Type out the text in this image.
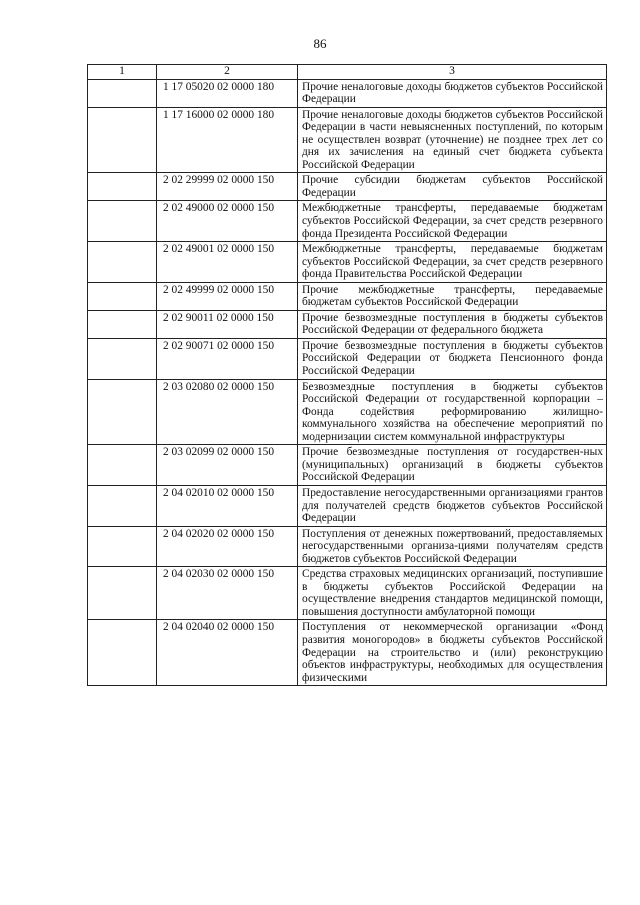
86
1	2	3
	1 17 05020 02 0000 180	Прочие неналоговые доходы бюджетов субъектов Российской Федерации
	1 17 16000 02 0000 180	Прочие неналоговые доходы бюджетов субъектов Российской Федерации в части невыясненных поступлений, по которым не осуществлен возврат (уточнение) не позднее трех лет со дня их зачисления на единый счет бюджета субъекта Российской Федерации
	2 02 29999 02 0000 150	Прочие субсидии бюджетам субъектов Российской Федерации
	2 02 49000 02 0000 150	Межбюджетные трансферты, передаваемые бюджетам субъектов Российской Федерации, за счет средств резервного фонда Президента Российской Федерации
	2 02 49001 02 0000 150	Межбюджетные трансферты, передаваемые бюджетам субъектов Российской Федерации, за счет средств резервного фонда Правительства Российской Федерации
	2 02 49999 02 0000 150	Прочие межбюджетные трансферты, передаваемые бюджетам субъектов Российской Федерации
	2 02 90011 02 0000 150	Прочие безвозмездные поступления в бюджеты субъектов Российской Федерации от федерального бюджета
	2 02 90071 02 0000 150	Прочие безвозмездные поступления в бюджеты субъектов Российской Федерации от бюджета Пенсионного фонда Российской Федерации
	2 03 02080 02 0000 150	Безвозмездные поступления в бюджеты субъектов Российской Федерации от государственной корпорации – Фонда содействия реформированию жилищно-коммунального хозяйства на обеспечение мероприятий по модернизации систем коммунальной инфраструктуры
	2 03 02099 02 0000 150	Прочие безвозмездные поступления от государствен-ных (муниципальных) организаций в бюджеты субъектов Российской Федерации
	2 04 02010 02 0000 150	Предоставление негосударственными организациями грантов для получателей средств бюджетов субъектов Российской Федерации
	2 04 02020 02 0000 150	Поступления от денежных пожертвований, предоставляемых негосударственными организа-циями получателям средств бюджетов субъектов Российской Федерации
	2 04 02030 02 0000 150	Средства страховых медицинских организаций, поступившие в бюджеты субъектов Российской Федерации на осуществление внедрения стандартов медицинской помощи, повышения доступности амбулаторной помощи
	2 04 02040 02 0000 150	Поступления от некоммерческой организации «Фонд развития моногородов» в бюджеты субъектов Российской Федерации на строительство и (или) реконструкцию объектов инфраструктуры, необходимых для осуществления физическими
